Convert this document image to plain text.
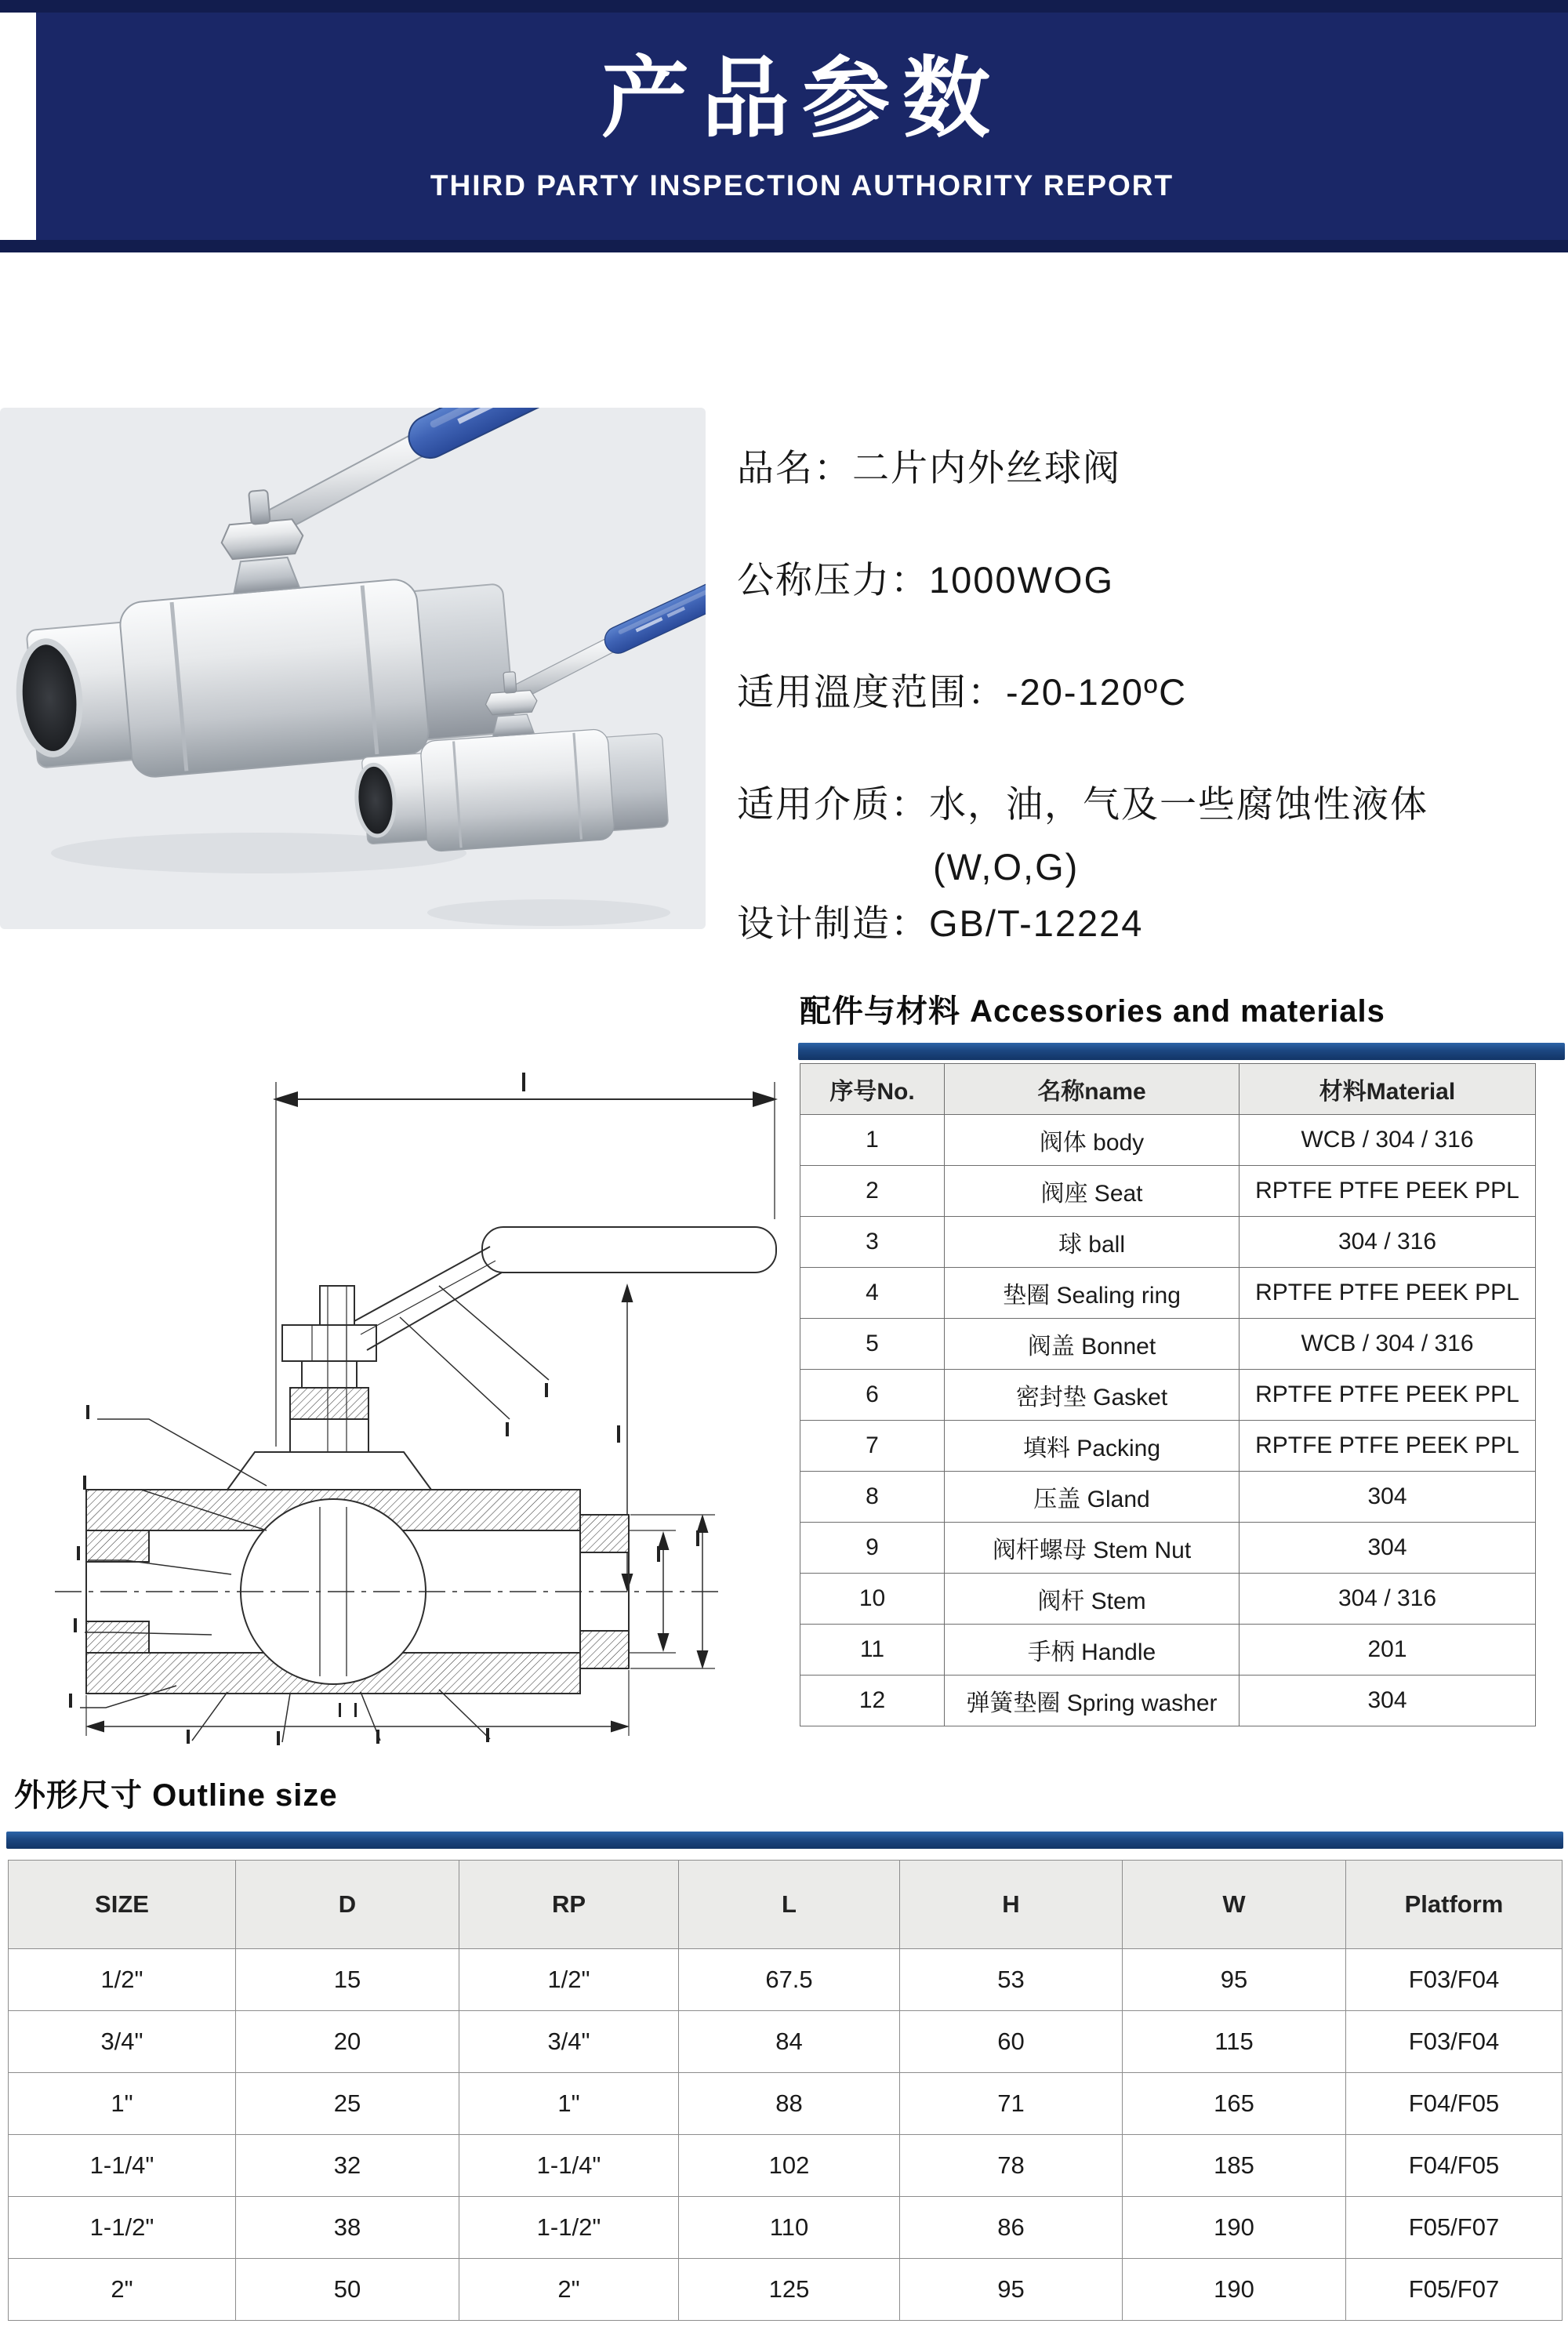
产品参数
THIRD PARTY INSPECTION AUTHORITY REPORT
品名：二片内外丝球阀
公称压力：1000WOG
适用溫度范围：-20-120ºC
适用介质：水，油，气及一些腐蚀性液体
(W,O,G)
设计制造：GB/T-12224
配件与材料 Accessories and materials
序号No.	名称name	材料Material
1	阀体 body	WCB / 304 / 316
2	阀座 Seat	RPTFE PTFE PEEK PPL
3	球 ball	304 / 316
4	垫圈 Sealing ring	RPTFE PTFE PEEK PPL
5	阀盖 Bonnet	WCB / 304 / 316
6	密封垫 Gasket	RPTFE PTFE PEEK PPL
7	填料 Packing	RPTFE PTFE PEEK PPL
8	压盖 Gland	304
9	阀杆螺母 Stem Nut	304
10	阀杆 Stem	304 / 316
11	手柄 Handle	201
12	弹簧垫圈 Spring washer	304
外形尺寸 Outline size
SIZE	D	RP	L	H	W	Platform
1/2"	15	1/2"	67.5	53	95	F03/F04
3/4"	20	3/4"	84	60	115	F03/F04
1"	25	1"	88	71	165	F04/F05
1-1/4"	32	1-1/4"	102	78	185	F04/F05
1-1/2"	38	1-1/2"	110	86	190	F05/F07
2"	50	2"	125	95	190	F05/F07
